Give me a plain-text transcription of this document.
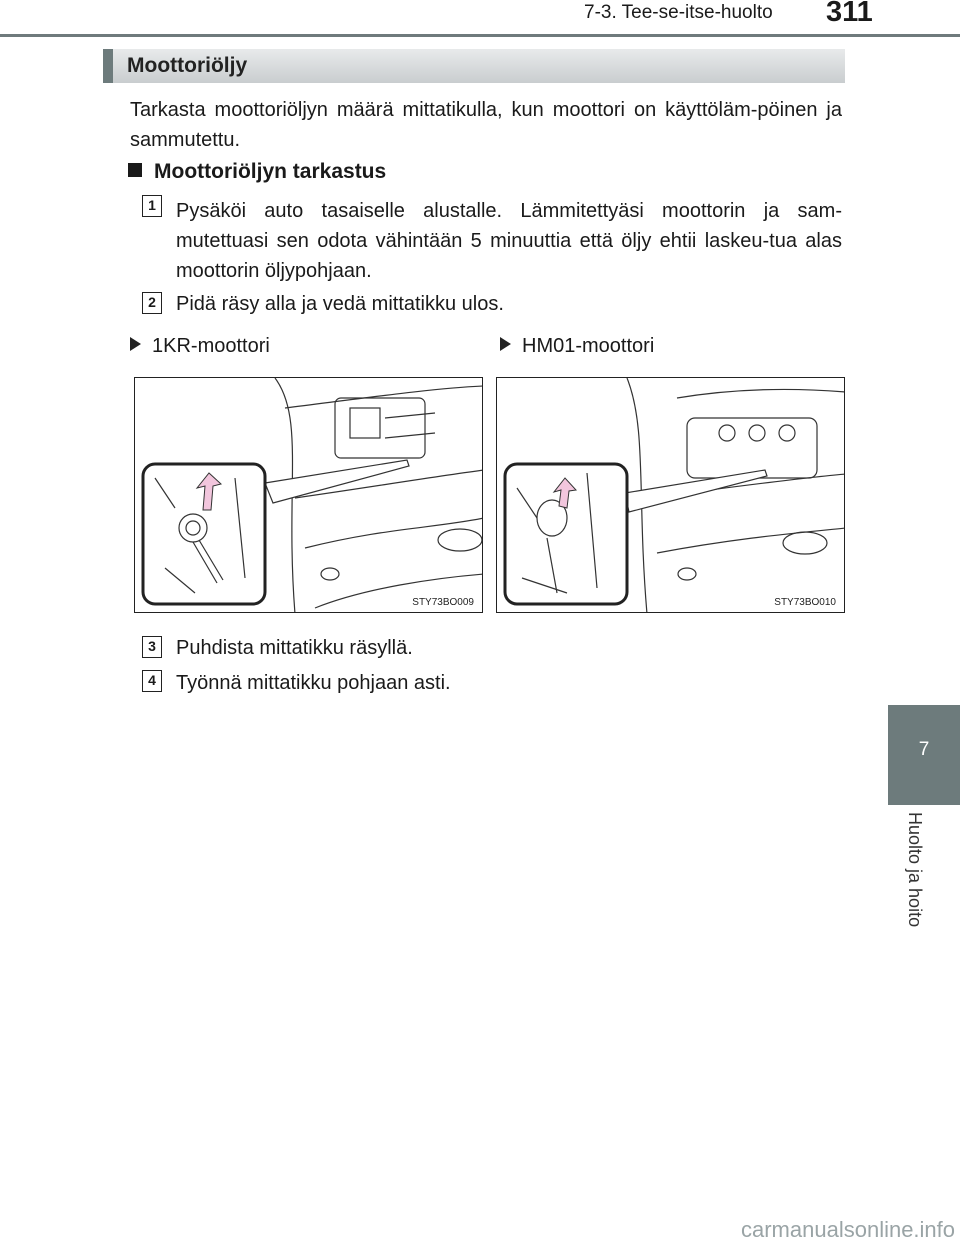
7-3. Tee-se-itse-huolto 311
7
Huolto ja hoito
Moottoriöljy
Tarkasta moottoriöljyn määrä mittatikulla, kun moottori on käyttöläm-pöinen ja sammutettu.
Moottoriöljyn tarkastus
1	Pysäköi auto tasaiselle alustalle. Lämmitettyäsi moottorin ja sam-mutettuasi sen odota vähintään 5 minuuttia että öljy ehtii laskeu-tua alas moottorin öljypohjaan.
2	Pidä räsy alla ja vedä mittatikku ulos.
1KR-moottori	HM01-moottori
STY73BO009	STY73BO010
3	Puhdista mittatikku räsyllä.
4	Työnnä mittatikku pohjaan asti.
carmanualsonline.info
